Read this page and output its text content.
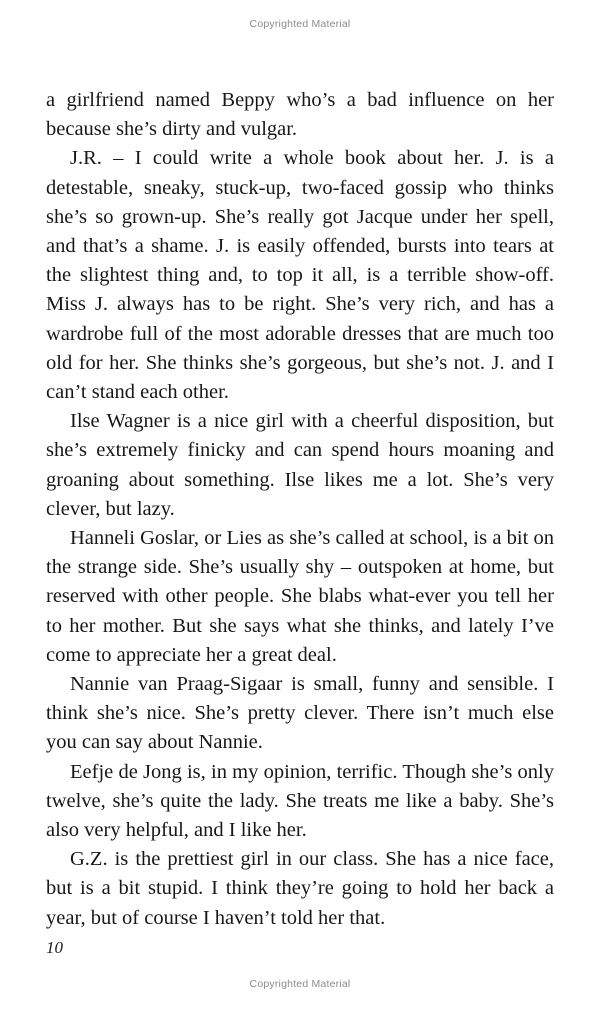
Copyrighted Material

a girlfriend named Beppy who’s a bad influence on her because she’s dirty and vulgar.

J.R. – I could write a whole book about her. J. is a detestable, sneaky, stuck-up, two-faced gossip who thinks she’s so grown-up. She’s really got Jacque under her spell, and that’s a shame. J. is easily offended, bursts into tears at the slightest thing and, to top it all, is a terrible show-off. Miss J. always has to be right. She’s very rich, and has a wardrobe full of the most adorable dresses that are much too old for her. She thinks she’s gorgeous, but she’s not. J. and I can’t stand each other.

Ilse Wagner is a nice girl with a cheerful disposition, but she’s extremely finicky and can spend hours moaning and groaning about something. Ilse likes me a lot. She’s very clever, but lazy.

Hanneli Goslar, or Lies as she’s called at school, is a bit on the strange side. She’s usually shy – outspoken at home, but reserved with other people. She blabs what-ever you tell her to her mother. But she says what she thinks, and lately I’ve come to appreciate her a great deal.

Nannie van Praag-Sigaar is small, funny and sensible. I think she’s nice. She’s pretty clever. There isn’t much else you can say about Nannie.

Eefje de Jong is, in my opinion, terrific. Though she’s only twelve, she’s quite the lady. She treats me like a baby. She’s also very helpful, and I like her.

G.Z. is the prettiest girl in our class. She has a nice face, but is a bit stupid. I think they’re going to hold her back a year, but of course I haven’t told her that.

10
Copyrighted Material
